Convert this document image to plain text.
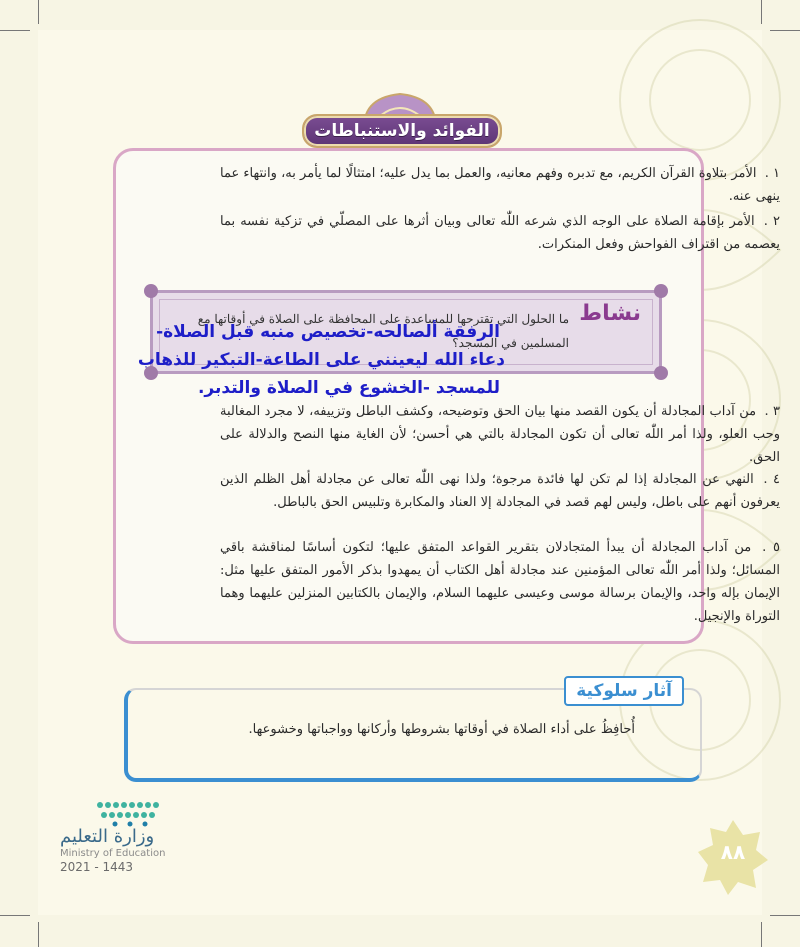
الفوائد والاستنباطات
١ . الأمر بتلاوة القرآن الكريم، مع تدبره وفهم معانيه، والعمل بما يدل عليه؛ امتثالًا لما يأمر به، وانتهاء عما ينهى عنه.
٢ . الأمر بإقامة الصلاة على الوجه الذي شرعه اللّٰه تعالى وبيان أثرها على المصلّي في تزكية نفسه بما يعصمه من اقتراف الفواحش وفعل المنكرات.
نشاط
ما الحلول التي تقترحها للمساعدة على المحافظة على الصلاة في أوقاتها مع المسلمين في المسجد؟
الرفقة ألصالحه-تخصيص منبه قبل الصلاة-
دعاء الله ليعينني على الطاعة-التبكير للذهاب
للمسجد -الخشوع في الصلاة والتدبر.
٣ . من آداب المجادلة أن يكون القصد منها بيان الحق وتوضيحه، وكشف الباطل وتزييفه، لا مجرد المغالبة وحب العلو، ولذا أمر اللّٰه تعالى أن تكون المجادلة بالتي هي أحسن؛ لأن الغاية منها النصح والدلالة على الحق.
٤ . النهي عن المجادلة إذا لم تكن لها فائدة مرجوة؛ ولذا نهى اللّٰه تعالى عن مجادلة أهل الظلم الذين يعرفون أنهم على باطل، وليس لهم قصد في المجادلة إلا العناد والمكابرة وتلبيس الحق بالباطل.
٥ . من آداب المجادلة أن يبدأ المتجادلان بتقرير القواعد المتفق عليها؛ لتكون أساسًا لمناقشة باقي المسائل؛ ولذا أمر اللّٰه تعالى المؤمنين عند مجادلة أهل الكتاب أن يمهدوا بذكر الأمور المتفق عليها مثل: الإيمان بإله واحد، والإيمان برسالة موسى وعيسى عليهما السلام، والإيمان بالكتابين المنزلين عليهما وهما التوراة والإنجيل.
آثار سلوكية
أُحافِظُ على أداء الصلاة في أوقاتها بشروطها وأركانها وواجباتها وخشوعها.
وزارة التعليم
Ministry of Education
2021 - 1443
٨٨
